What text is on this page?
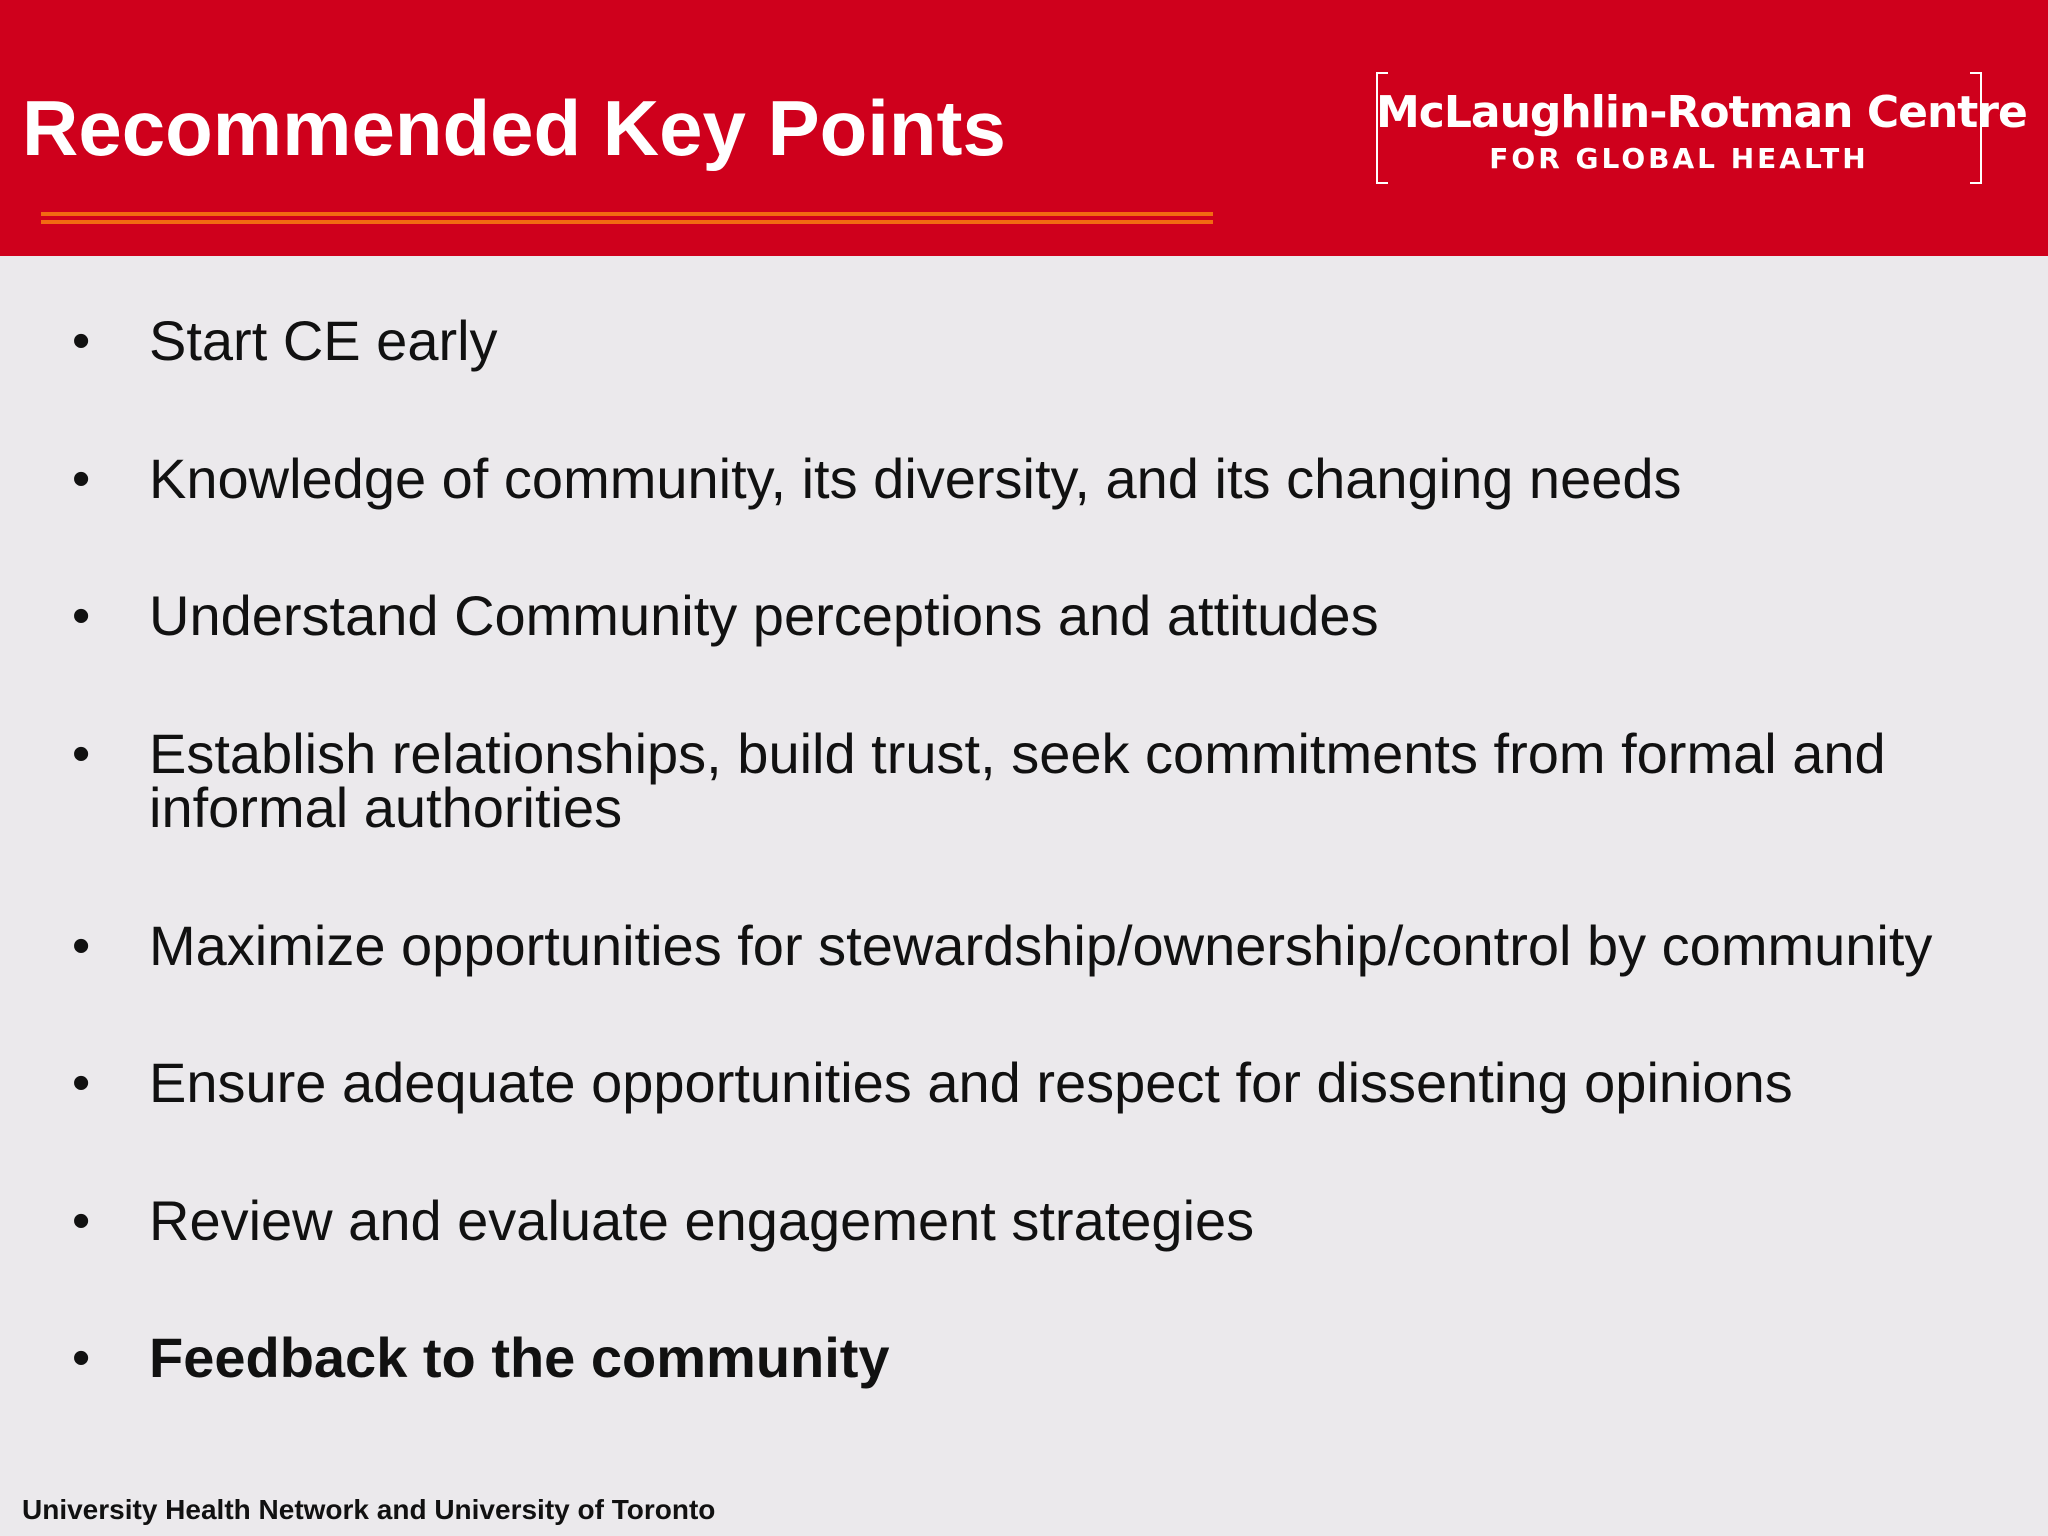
Recommended Key Points	McLaughlin-Rotman Centre
FOR GLOBAL HEALTH
• Start CE early
• Knowledge of community, its diversity, and its changing needs
• Understand Community perceptions and attitudes
• Establish relationships, build trust, seek commitments from formal and informal authorities
• Maximize opportunities for stewardship/ownership/control by community
• Ensure adequate opportunities and respect for dissenting opinions
• Review and evaluate engagement strategies
• Feedback to the community
University Health Network and University of Toronto
